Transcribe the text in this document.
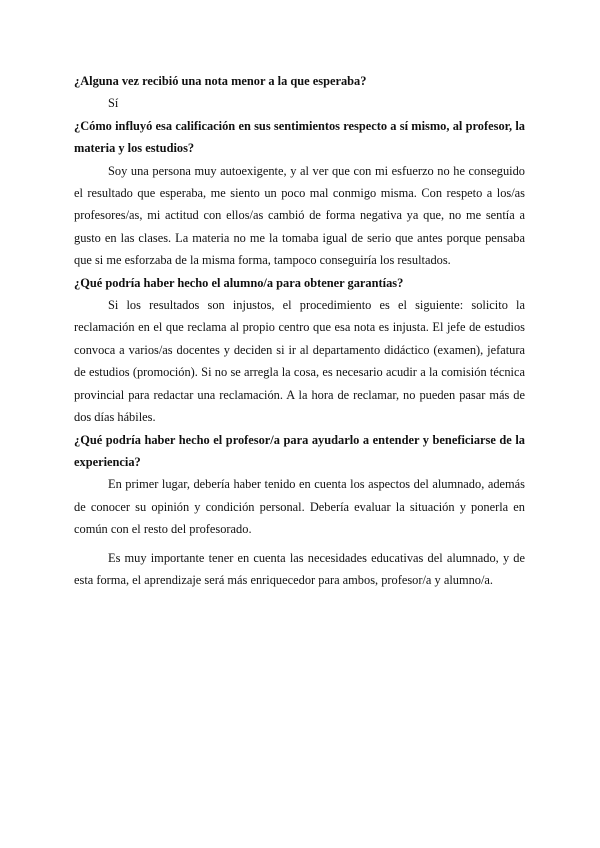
¿Alguna vez recibió una nota menor a la que esperaba?

Sí

¿Cómo influyó esa calificación en sus sentimientos respecto a sí mismo, al profesor, la materia y los estudios?

Soy una persona muy autoexigente, y al ver que con mi esfuerzo no he conseguido el resultado que esperaba, me siento un poco mal conmigo misma. Con respeto a los/as profesores/as, mi actitud con ellos/as cambió de forma negativa ya que, no me sentía a gusto en las clases. La materia no me la tomaba igual de serio que antes porque pensaba que si me esforzaba de la misma forma, tampoco conseguiría los resultados.

¿Qué podría haber hecho el alumno/a para obtener garantías?

Si los resultados son injustos, el procedimiento es el siguiente: solicito la reclamación en el que reclama al propio centro que esa nota es injusta. El jefe de estudios convoca a varios/as docentes y deciden si ir al departamento didáctico (examen), jefatura de estudios (promoción). Si no se arregla la cosa, es necesario acudir a la comisión técnica provincial para redactar una reclamación. A la hora de reclamar, no pueden pasar más de dos días hábiles.

¿Qué podría haber hecho el profesor/a para ayudarlo a entender y beneficiarse de la experiencia?

En primer lugar, debería haber tenido en cuenta los aspectos del alumnado, además de conocer su opinión y condición personal. Debería evaluar la situación y ponerla en común con el resto del profesorado.

Es muy importante tener en cuenta las necesidades educativas del alumnado, y de esta forma, el aprendizaje será más enriquecedor para ambos, profesor/a y alumno/a.
